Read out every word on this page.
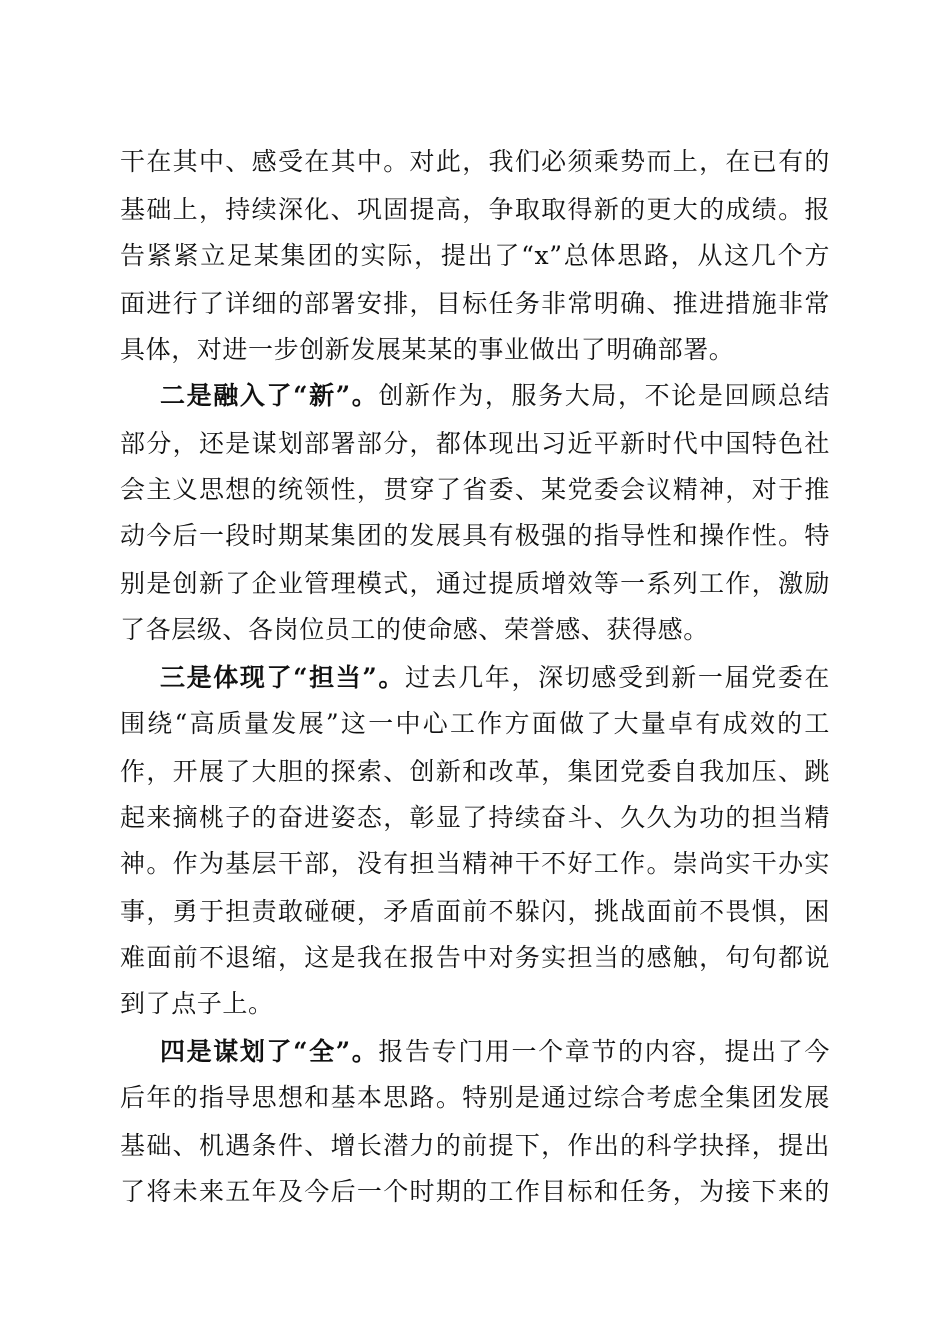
干在其中、感受在其中。对此，我们必须乘势而上，在已有的
基础上，持续深化、巩固提高，争取取得新的更大的成绩。报
告紧紧立足某集团的实际，提出了“x”总体思路，从这几个方
面进行了详细的部署安排，目标任务非常明确、推进措施非常
具体，对进一步创新发展某某的事业做出了明确部署。
二是融入了“新”。创新作为，服务大局，不论是回顾总结
部分，还是谋划部署部分，都体现出习近平新时代中国特色社
会主义思想的统领性，贯穿了省委、某党委会议精神，对于推
动今后一段时期某集团的发展具有极强的指导性和操作性。特
别是创新了企业管理模式，通过提质增效等一系列工作，激励
了各层级、各岗位员工的使命感、荣誉感、获得感。
三是体现了“担当”。过去几年，深切感受到新一届党委在
围绕“高质量发展”这一中心工作方面做了大量卓有成效的工
作，开展了大胆的探索、创新和改革，集团党委自我加压、跳
起来摘桃子的奋进姿态，彰显了持续奋斗、久久为功的担当精
神。作为基层干部，没有担当精神干不好工作。崇尚实干办实
事，勇于担责敢碰硬，矛盾面前不躲闪，挑战面前不畏惧，困
难面前不退缩，这是我在报告中对务实担当的感触，句句都说
到了点子上。
四是谋划了“全”。报告专门用一个章节的内容，提出了今
后年的指导思想和基本思路。特别是通过综合考虑全集团发展
基础、机遇条件、增长潜力的前提下，作出的科学抉择，提出
了将未来五年及今后一个时期的工作目标和任务，为接下来的
